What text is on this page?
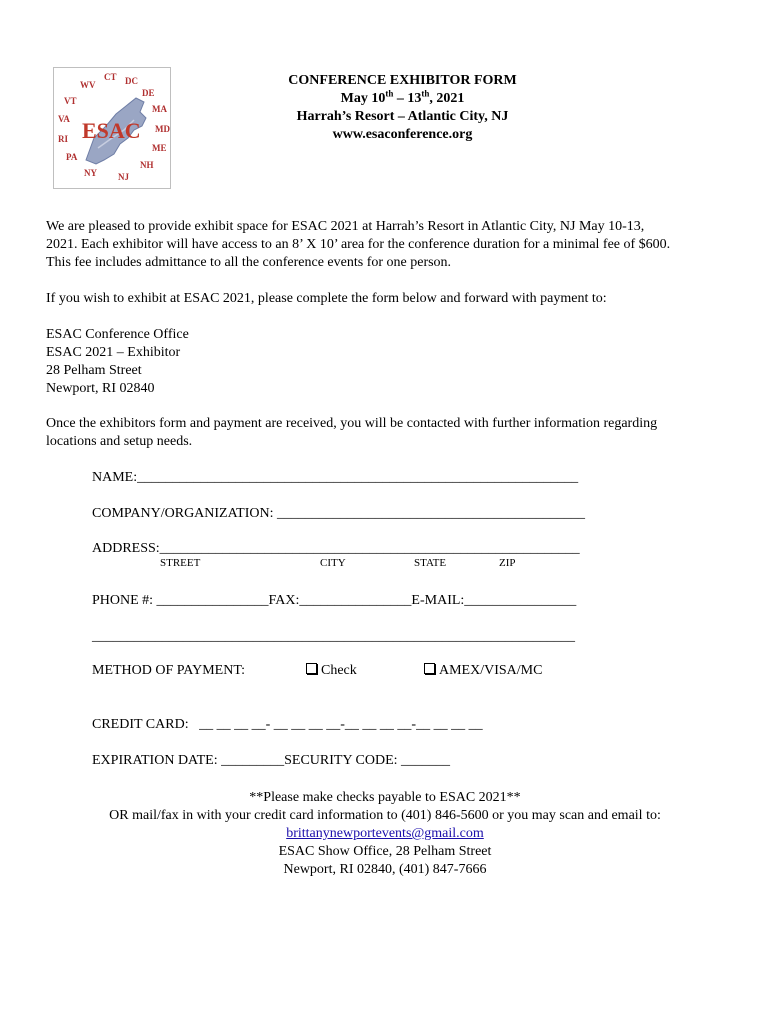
CT DC
DE
MA
MD
ME
NH
NJ
NY
PA
RI
VA
VT
WV
ESAC
CONFERENCE EXHIBITOR FORM
May 10th – 13th, 2021
Harrah’s Resort – Atlantic City, NJ
www.esaconference.org
We are pleased to provide exhibit space for ESAC 2021 at Harrah’s Resort in Atlantic City, NJ May 10-13,
2021. Each exhibitor will have access to an 8’ X 10’ area for the conference duration for a minimal fee of $600.
This fee includes admittance to all the conference events for one person.
If you wish to exhibit at ESAC 2021, please complete the form below and forward with payment to:
ESAC Conference Office
ESAC 2021 – Exhibitor
28 Pelham Street
Newport, RI 02840
Once the exhibitors form and payment are received, you will be contacted with further information regarding
locations and setup needs.
NAME:_______________________________________________________________
COMPANY/ORGANIZATION: ____________________________________________
ADDRESS:____________________________________________________________
STREET	CITY	STATE	ZIP
PHONE #: ________________FAX:________________E-MAIL:________________
_____________________________________________________________________
METHOD OF PAYMENT:	Check	AMEX/VISA/MC
CREDIT CARD:   __ __ __ __- __ __ __ __-__ __ __ __-__ __ __ __
EXPIRATION DATE: _________SECURITY CODE: _______
**Please make checks payable to ESAC 2021**
OR mail/fax in with your credit card information to (401) 846-5600 or you may scan and email to:
brittanynewportevents@gmail.com
ESAC Show Office, 28 Pelham Street
Newport, RI 02840, (401) 847-7666
